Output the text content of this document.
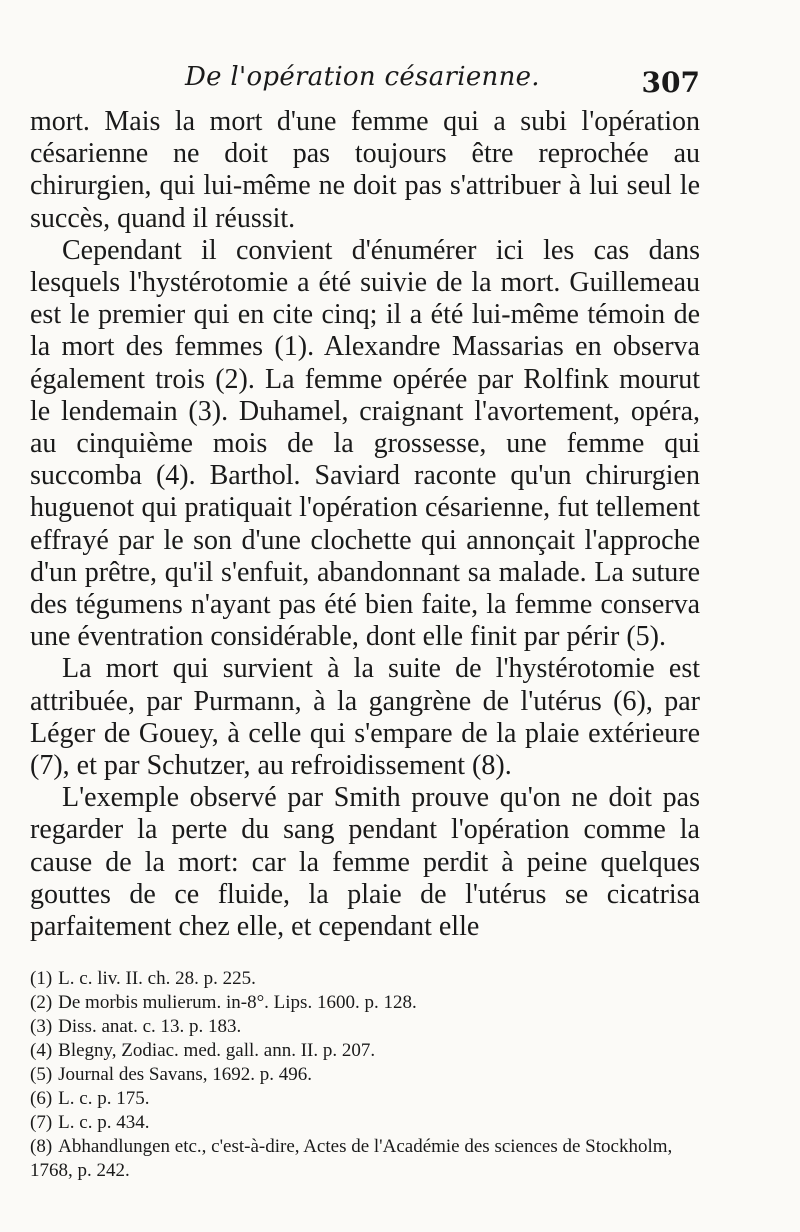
De l'opération césarienne.	307

mort. Mais la mort d'une femme qui a subi l'opération césarienne ne doit pas toujours être reprochée au chirurgien, qui lui-même ne doit pas s'attribuer à lui seul le succès, quand il réussit.

Cependant il convient d'énumérer ici les cas dans lesquels l'hystérotomie a été suivie de la mort. Guillemeau est le premier qui en cite cinq; il a été lui-même témoin de la mort des femmes (1). Alexandre Massarias en observa également trois (2). La femme opérée par Rolfink mourut le lendemain (3). Duhamel, craignant l'avortement, opéra, au cinquième mois de la grossesse, une femme qui succomba (4). Barthol. Saviard raconte qu'un chirurgien huguenot qui pratiquait l'opération césarienne, fut tellement effrayé par le son d'une clochette qui annonçait l'approche d'un prêtre, qu'il s'enfuit, abandonnant sa malade. La suture des tégumens n'ayant pas été bien faite, la femme conserva une éventration considérable, dont elle finit par périr (5).

La mort qui survient à la suite de l'hystérotomie est attribuée, par Purmann, à la gangrène de l'utérus (6), par Léger de Gouey, à celle qui s'empare de la plaie extérieure (7), et par Schutzer, au refroidissement (8).

L'exemple observé par Smith prouve qu'on ne doit pas regarder la perte du sang pendant l'opération comme la cause de la mort: car la femme perdit à peine quelques gouttes de ce fluide, la plaie de l'utérus se cicatrisa parfaitement chez elle, et cependant elle

(1) L. c. liv. II. ch. 28. p. 225.

(2) De morbis mulierum. in-8°. Lips. 1600. p. 128.

(3) Diss. anat. c. 13. p. 183.

(4) Blegny, Zodiac. med. gall. ann. II. p. 207.

(5) Journal des Savans, 1692. p. 496.

(6) L. c. p. 175.

(7) L. c. p. 434.

(8) Abhandlungen etc., c'est-à-dire, Actes de l'Académie des sciences de Stockholm, 1768, p. 242.
